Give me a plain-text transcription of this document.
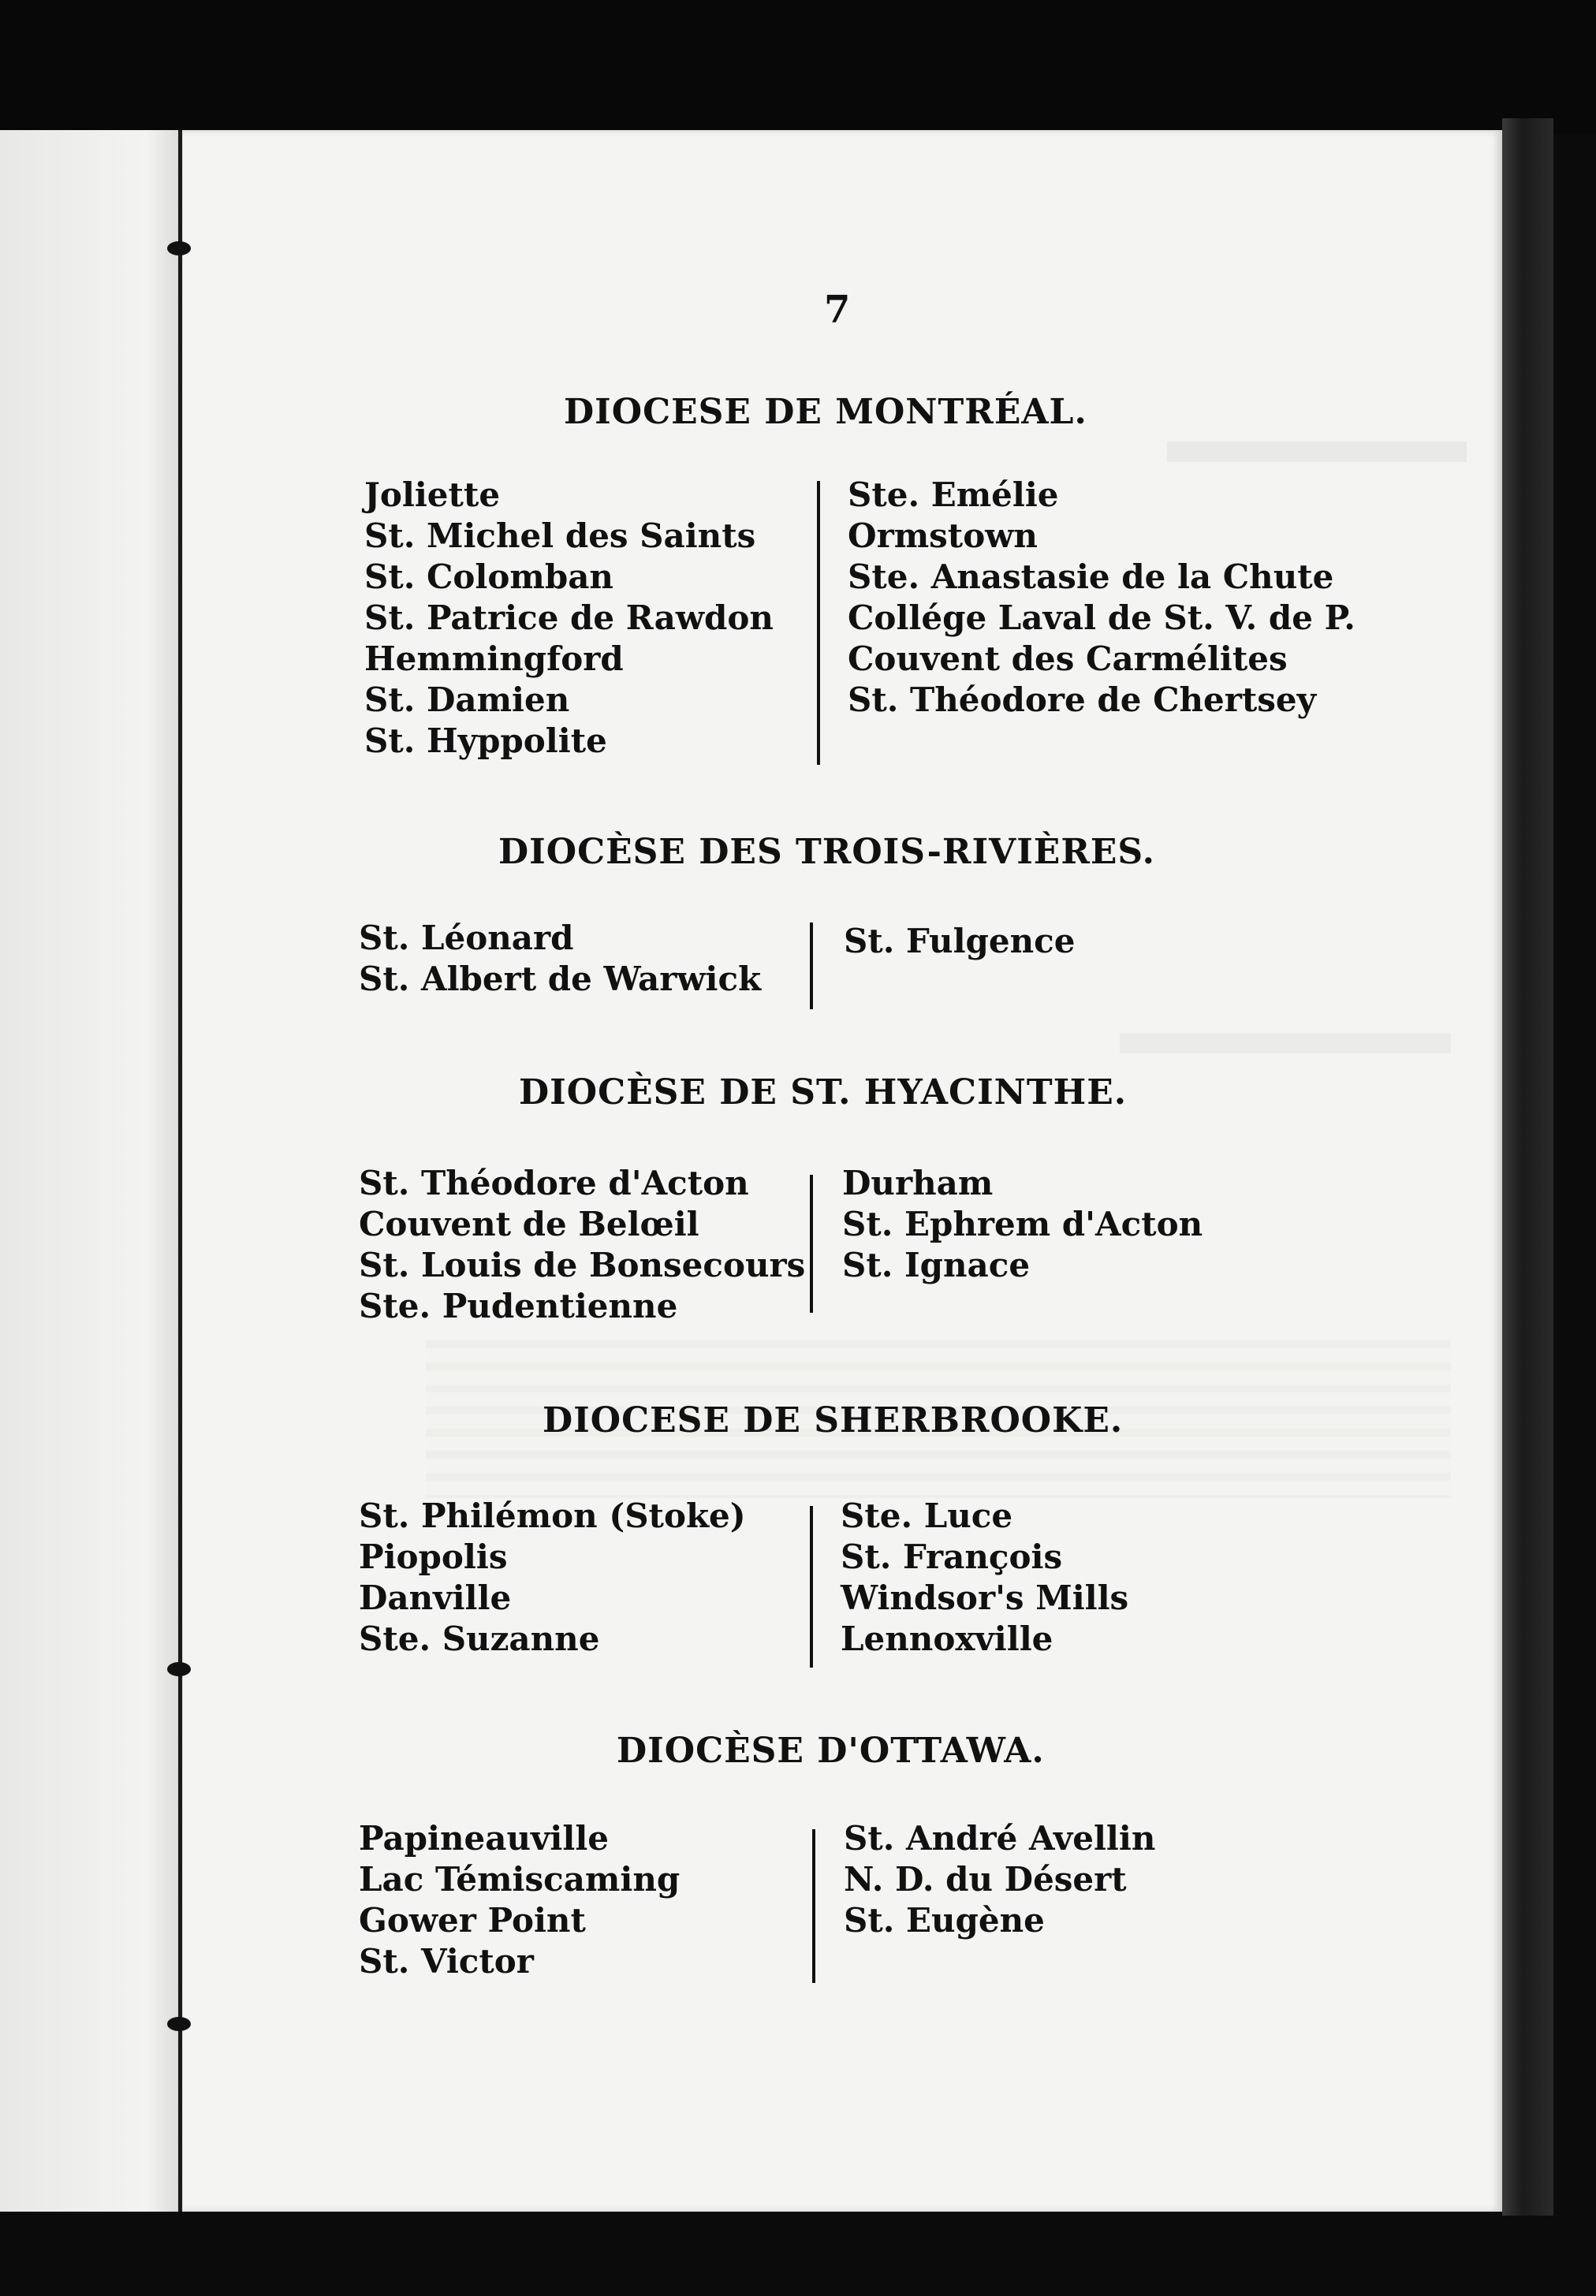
7
DIOCESE DE MONTRÉAL.
Joliette
St. Michel des Saints
St. Colomban
St. Patrice de Rawdon
Hemmingford
St. Damien
St. Hyppolite
Ste. Emélie
Ormstown
Ste. Anastasie de la Chute
Collége Laval de St. V. de P.
Couvent des Carmélites
St. Théodore de Chertsey
DIOCÈSE DES TROIS-RIVIÈRES.
St. Léonard
St. Albert de Warwick
St. Fulgence
DIOCÈSE DE ST. HYACINTHE.
St. Théodore d'Acton
Couvent de Belœil
St. Louis de Bonsecours
Ste. Pudentienne
Durham
St. Ephrem d'Acton
St. Ignace
DIOCESE DE SHERBROOKE.
St. Philémon (Stoke)
Piopolis
Danville
Ste. Suzanne
Ste. Luce
St. François
Windsor's Mills
Lennoxville
DIOCÈSE D'OTTAWA.
Papineauville
Lac Témiscaming
Gower Point
St. Victor
St. André Avellin
N. D. du Désert
St. Eugène
